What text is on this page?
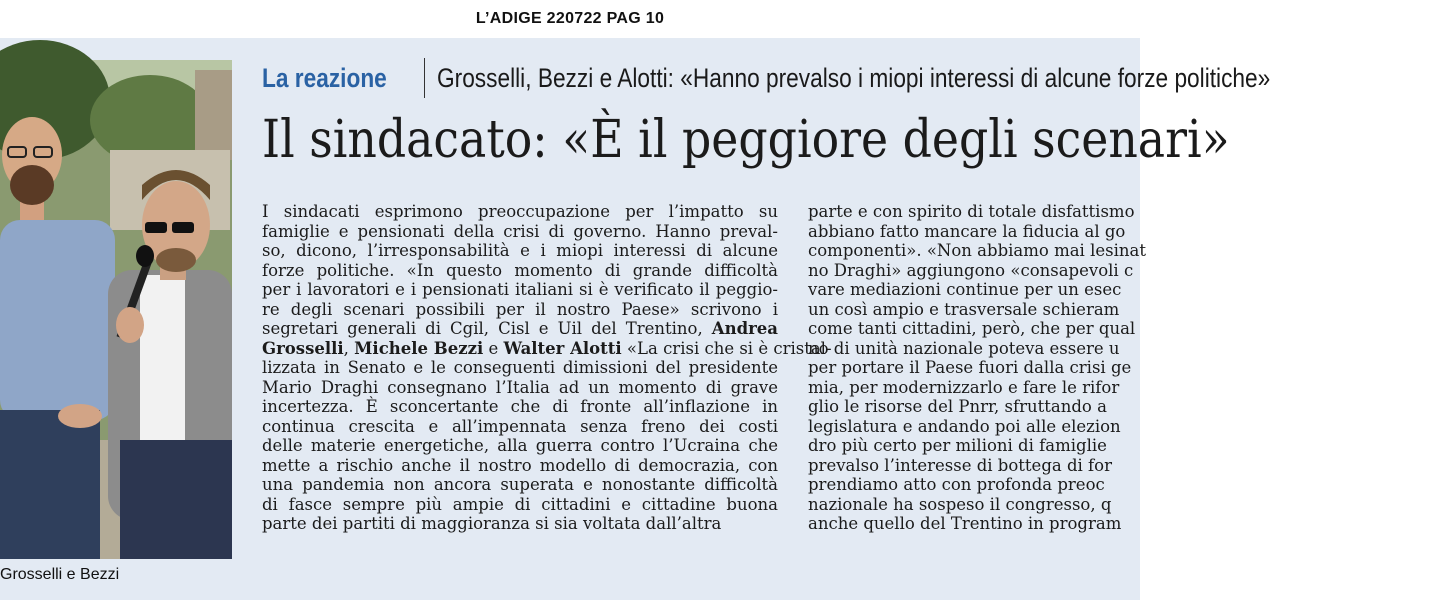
L’ADIGE 220722 PAG 10
Grosselli e Bezzi
La reazione Grosselli, Bezzi e Alotti: «Hanno prevalso i miopi interessi di alcune forze politiche»
Il sindacato: «È il peggiore degli scenari»
I sindacati esprimono preoccupazione per l’impatto su
famiglie e pensionati della crisi di governo. Hanno preval-
so, dicono, l’irresponsabilità e i miopi interessi di alcune
forze politiche. «In questo momento di grande difficoltà
per i lavoratori e i pensionati italiani si è verificato il peggio-
re degli scenari possibili per il nostro Paese» scrivono i
segretari generali di Cgil, Cisl e Uil del Trentino, Andrea
Grosselli, Michele Bezzi e Walter Alotti «La crisi che si è cristal-
lizzata in Senato e le conseguenti dimissioni del presidente
Mario Draghi consegnano l’Italia ad un momento di grave
incertezza. È sconcertante che di fronte all’inflazione in
continua crescita e all’impennata senza freno dei costi
delle materie energetiche, alla guerra contro l’Ucraina che
mette a rischio anche il nostro modello di democrazia, con
una pandemia non ancora superata e nonostante difficoltà
di fasce sempre più ampie di cittadini e cittadine buona
parte dei partiti di maggioranza si sia voltata dall’altra
parte e con spirito di totale disfattismo
abbiano fatto mancare la fiducia al go
componenti». «Non abbiamo mai lesinat
no Draghi» aggiungono «consapevoli c
vare mediazioni continue per un esec
un così ampio e trasversale schieram
come tanti cittadini, però, che per qual
no di unità nazionale poteva essere u
per portare il Paese fuori dalla crisi ge
mia, per modernizzarlo e fare le rifor
glio le risorse del Pnrr, sfruttando a
legislatura e andando poi alle elezion
dro più certo per milioni di famiglie
prevalso l’interesse di bottega di for
prendiamo atto con profonda preoc
nazionale ha sospeso il congresso, q
anche quello del Trentino in program
